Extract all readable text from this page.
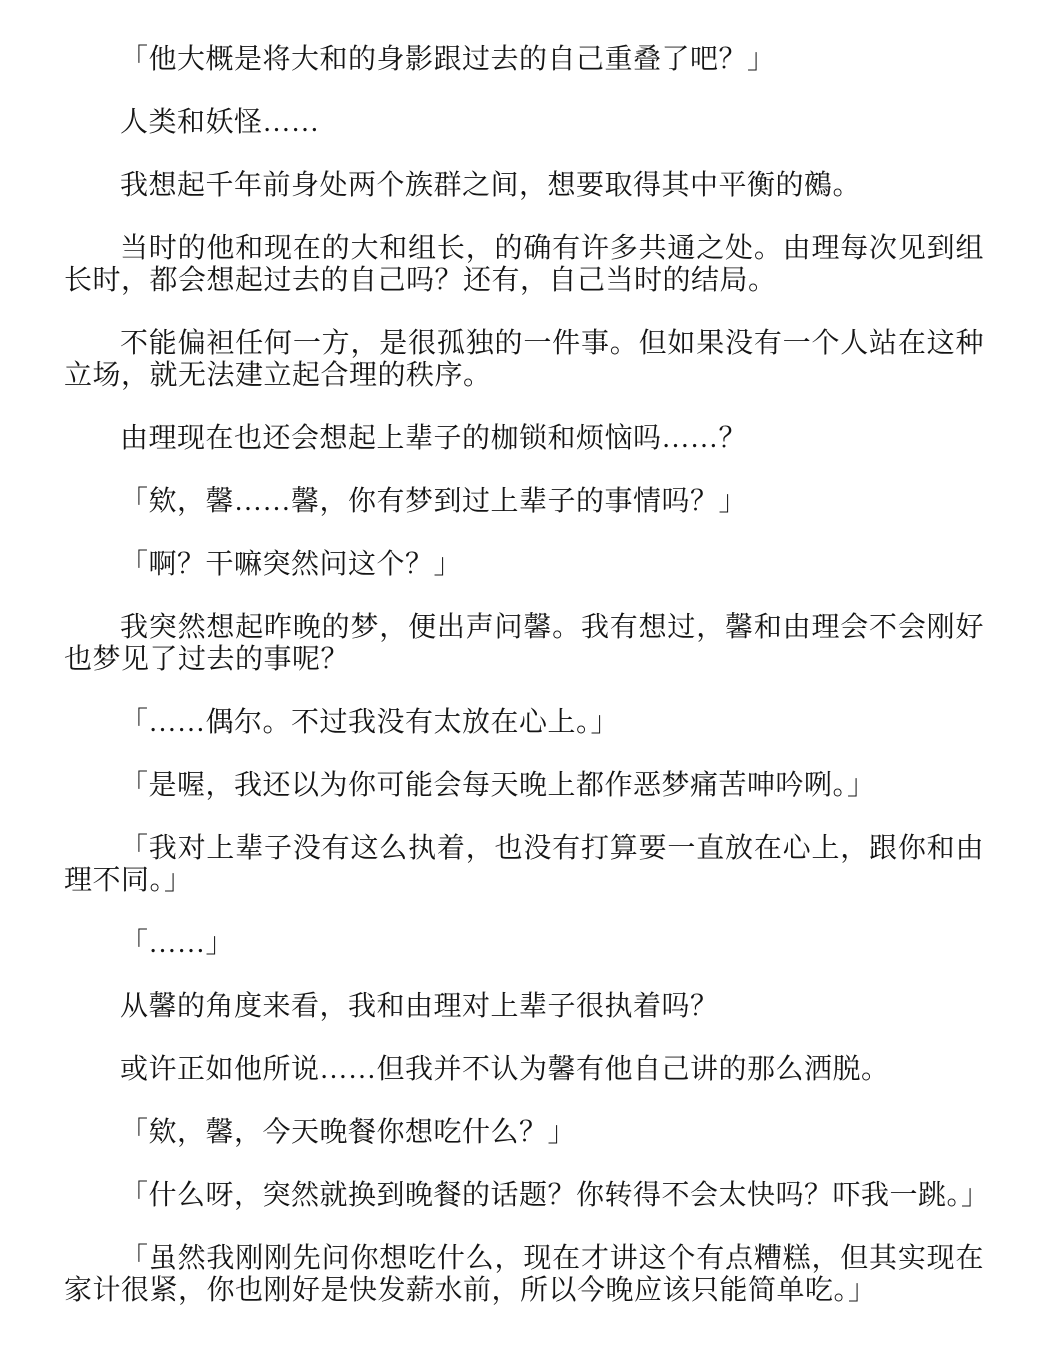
「他大概是将大和的身影跟过去的自己重叠了吧？」

人类和妖怪……

我想起千年前身处两个族群之间，想要取得其中平衡的鵺。

当时的他和现在的大和组长，的确有许多共通之处。由理每次见到组长时，都会想起过去的自己吗？还有，自己当时的结局。

不能偏袒任何一方，是很孤独的一件事。但如果没有一个人站在这种立场，就无法建立起合理的秩序。

由理现在也还会想起上辈子的枷锁和烦恼吗……？

「欸，馨……馨，你有梦到过上辈子的事情吗？」

「啊？干嘛突然问这个？」

我突然想起昨晚的梦，便出声问馨。我有想过，馨和由理会不会刚好也梦见了过去的事呢？

「……偶尔。不过我没有太放在心上。」

「是喔，我还以为你可能会每天晚上都作恶梦痛苦呻吟咧。」

「我对上辈子没有这么执着，也没有打算要一直放在心上，跟你和由理不同。」

「……」

从馨的角度来看，我和由理对上辈子很执着吗？

或许正如他所说……但我并不认为馨有他自己讲的那么洒脱。

「欸，馨，今天晚餐你想吃什么？」

「什么呀，突然就换到晚餐的话题？你转得不会太快吗？吓我一跳。」

「虽然我刚刚先问你想吃什么，现在才讲这个有点糟糕，但其实现在家计很紧，你也刚好是快发薪水前，所以今晚应该只能简单吃。」
